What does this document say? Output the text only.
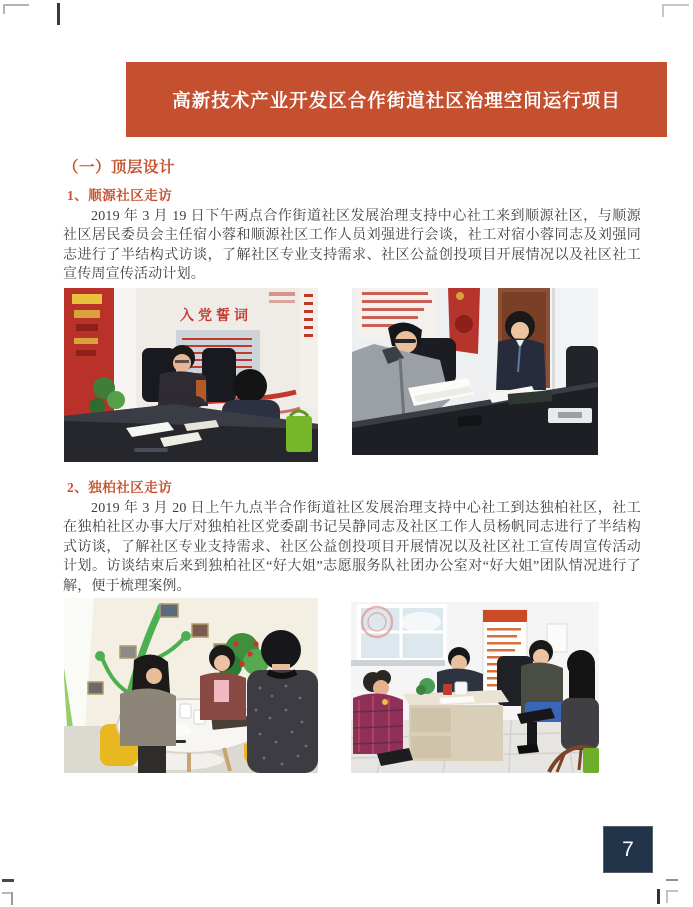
高新技术产业开发区合作街道社区治理空间运行项目
（一）顶层设计
1、顺源社区走访

2019 年 3 月 19 日下午两点合作街道社区发展治理支持中心社工来到顺源社区，与顺源社区居民委员会主任宿小蓉和顺源社区工作人员刘强进行会谈，社工对宿小蓉同志及刘强同志进行了半结构式访谈，了解社区专业支持需求、社区公益创投项目开展情况以及社区社工宣传周宣传活动计划。

入党誓词
2、独柏社区走访

2019 年 3 月 20 日上午九点半合作街道社区发展治理支持中心社工到达独柏社区，社工在独柏社区办事大厅对独柏社区党委副书记吴静同志及社区工作人员杨帆同志进行了半结构式访谈，了解社区专业支持需求、社区公益创投项目开展情况以及社区社工宣传周宣传活动计划。访谈结束后来到独柏社区“好大姐”志愿服务队社团办公室对“好大姐”团队情况进行了解，便于梳理案例。

7
